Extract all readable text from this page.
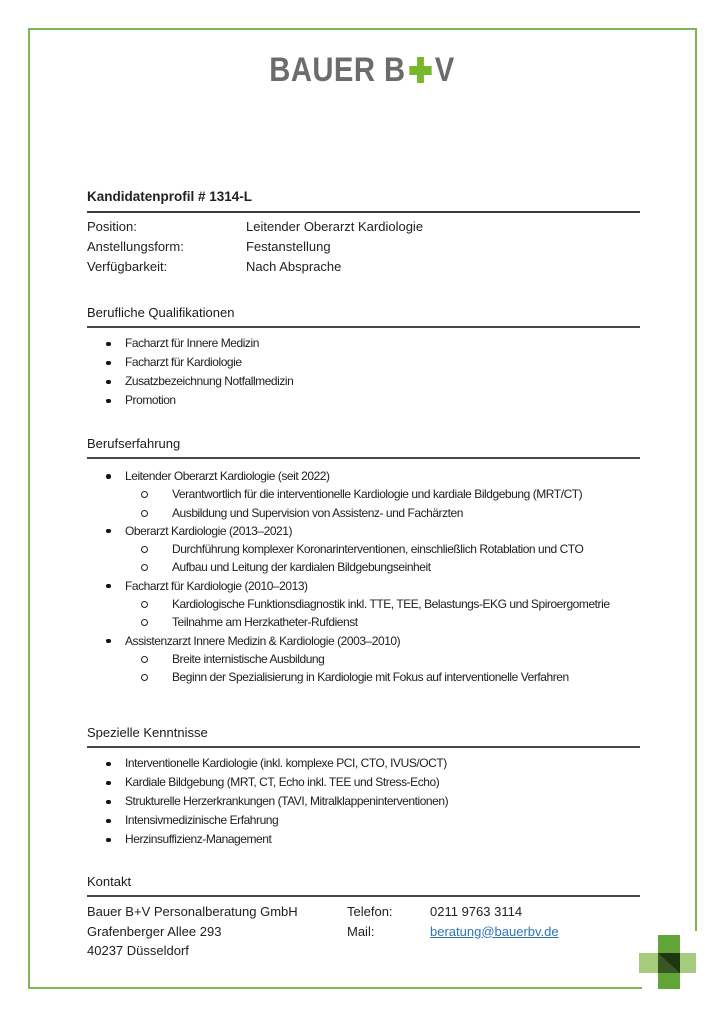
BAUER B V
Kandidatenprofil # 1314-L
Position:	Leitender Oberarzt Kardiologie
Anstellungsform:	Festanstellung
Verfügbarkeit:	Nach Absprache
Berufliche Qualifikationen
Facharzt für Innere Medizin
Facharzt für Kardiologie
Zusatzbezeichnung Notfallmedizin
Promotion
Berufserfahrung
Leitender Oberarzt Kardiologie (seit 2022)
Verantwortlich für die interventionelle Kardiologie und kardiale Bildgebung (MRT/CT)
Ausbildung und Supervision von Assistenz- und Fachärzten
Oberarzt Kardiologie (2013–2021)
Durchführung komplexer Koronarinterventionen, einschließlich Rotablation und CTO
Aufbau und Leitung der kardialen Bildgebungseinheit
Facharzt für Kardiologie (2010–2013)
Kardiologische Funktionsdiagnostik inkl. TTE, TEE, Belastungs-EKG und Spiroergometrie
Teilnahme am Herzkatheter-Rufdienst
Assistenzarzt Innere Medizin & Kardiologie (2003–2010)
Breite internistische Ausbildung
Beginn der Spezialisierung in Kardiologie mit Fokus auf interventionelle Verfahren
Spezielle Kenntnisse
Interventionelle Kardiologie (inkl. komplexe PCI, CTO, IVUS/OCT)
Kardiale Bildgebung (MRT, CT, Echo inkl. TEE und Stress-Echo)
Strukturelle Herzerkrankungen (TAVI, Mitralklappeninterventionen)
Intensivmedizinische Erfahrung
Herzinsuffizienz-Management
Kontakt
Bauer B+V Personalberatung GmbH	Telefon:	0211 9763 3114
Grafenberger Allee 293	Mail:	beratung@bauerbv.de
40237 Düsseldorf
